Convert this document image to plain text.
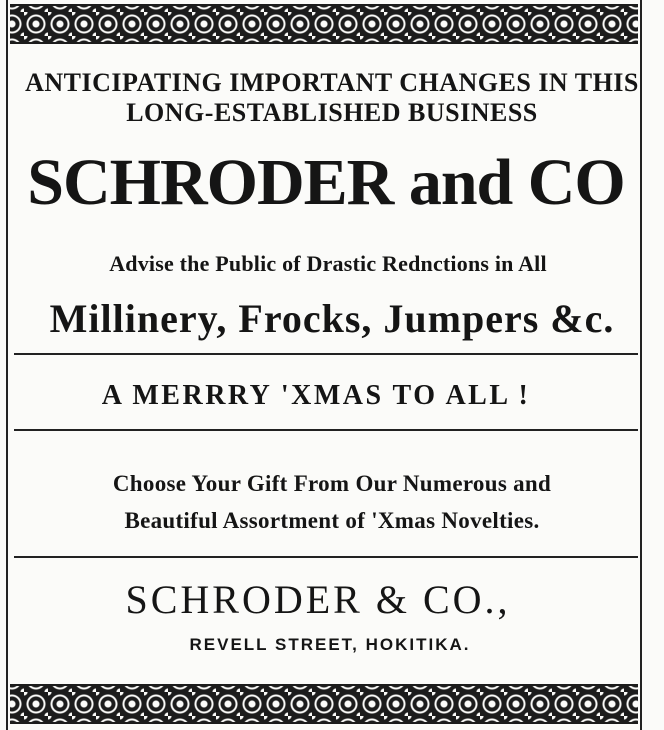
ANTICIPATING IMPORTANT CHANGES IN THIS
LONG-ESTABLISHED BUSINESS
SCHRODER and CO
Advise the Public of Drastic Rednctions in All
Millinery, Frocks, Jumpers &c.
A MERRRY 'XMAS TO ALL !
Choose Your Gift From Our Numerous and
Beautiful Assortment of 'Xmas Novelties.
SCHRODER & CO.,
REVELL STREET, HOKITIKA.
